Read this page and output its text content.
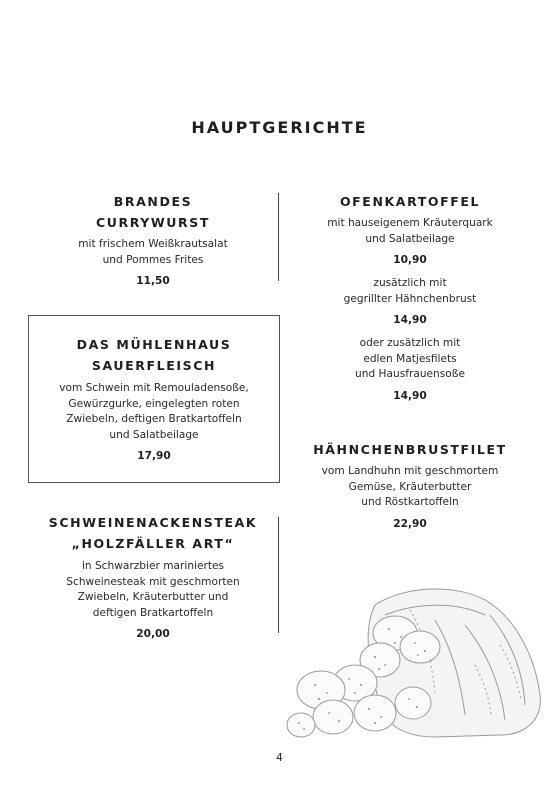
HAUPTGERICHTE
BRANDES
CURRYWURST
mit frischem Weißkrautsalat
und Pommes Frites
11,50
DAS MÜHLENHAUS
SAUERFLEISCH
vom Schwein mit Remouladensoße,
Gewürzgurke, eingelegten roten
Zwiebeln, deftigen Bratkartoffeln
und Salatbeilage
17,90
SCHWEINENACKENSTEAK
„HOLZFÄLLER ART“
in Schwarzbier mariniertes
Schweinesteak mit geschmorten
Zwiebeln, Kräuterbutter und
deftigen Bratkartoffeln
20,00
OFENKARTOFFEL
mit hauseigenem Kräuterquark
und Salatbeilage
10,90
zusätzlich mit
gegrillter Hähnchenbrust
14,90
oder zusätzlich mit
edlen Matjesfilets
und Hausfrauensoße
14,90
HÄHNCHENBRUSTFILET
vom Landhuhn mit geschmortem
Gemüse, Kräuterbutter
und Röstkartoffeln
22,90
4
